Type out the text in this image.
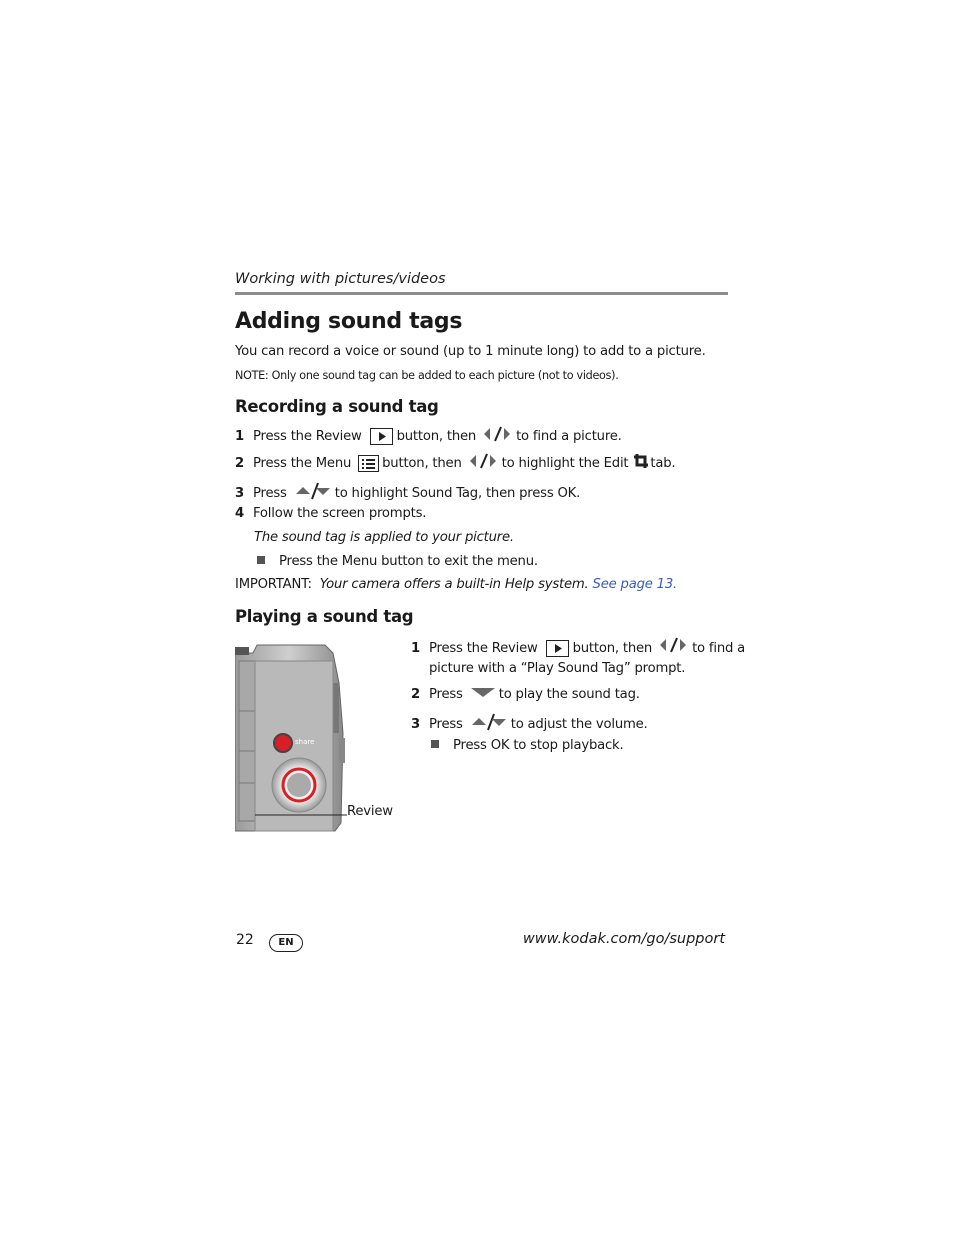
Working with pictures/videos
Adding sound tags
You can record a voice or sound (up to 1 minute long) to add to a picture.
NOTE: Only one sound tag can be added to each picture (not to videos).
Recording a sound tag
1 Press the Review	button, then	to find a picture.
2 Press the Menu button, then	to highlight the Edit tab.
3 Press	to highlight Sound Tag, then press OK.
4 Follow the screen prompts.
The sound tag is applied to your picture.
Press the Menu button to exit the menu.
IMPORTANT: Your camera offers a built-in Help system. See page 13.
Playing a sound tag
share
Review
1 Press the Review	button, then	to find a
picture with a “Play Sound Tag” prompt.
2 Press	to play the sound tag.
3 Press	to adjust the volume.
Press OK to stop playback.
22	EN	www.kodak.com/go/support
